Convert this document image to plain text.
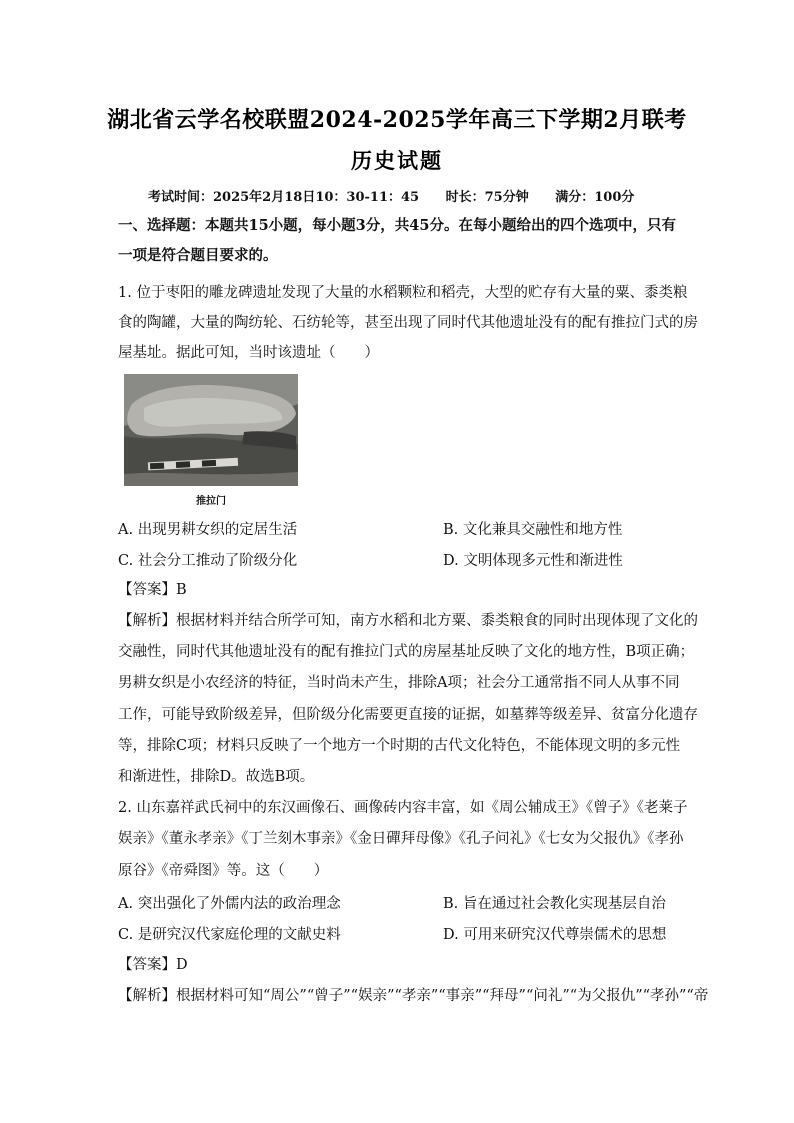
湖北省云学名校联盟2024-2025学年高三下学期2月联考
历史试题
考试时间：2025年2月18日10：30-11：45 时长：75分钟 满分：100分
一、选择题：本题共15小题，每小题3分，共45分。在每小题给出的四个选项中，只有
一项是符合题目要求的。
1. 位于枣阳的雕龙碑遗址发现了大量的水稻颗粒和稻壳，大型的贮存有大量的粟、黍类粮
食的陶罐，大量的陶纺轮、石纺轮等，甚至出现了同时代其他遗址没有的配有推拉门式的房
屋基址。据此可知，当时该遗址（　　）
推拉门
A. 出现男耕女织的定居生活	B. 文化兼具交融性和地方性
C. 社会分工推动了阶级分化	D. 文明体现多元性和渐进性
【答案】B
【解析】根据材料并结合所学可知，南方水稻和北方粟、黍类粮食的同时出现体现了文化的
交融性，同时代其他遗址没有的配有推拉门式的房屋基址反映了文化的地方性，B项正确；
男耕女织是小农经济的特征，当时尚未产生，排除A项；社会分工通常指不同人从事不同
工作，可能导致阶级差异，但阶级分化需要更直接的证据，如墓葬等级差异、贫富分化遗存
等，排除C项；材料只反映了一个地方一个时期的古代文化特色，不能体现文明的多元性
和渐进性，排除D。故选B项。
2. 山东嘉祥武氏祠中的东汉画像石、画像砖内容丰富，如《周公辅成王》《曾子》《老莱子
娱亲》《董永孝亲》《丁兰刻木事亲》《金日磾拜母像》《孔子问礼》《七女为父报仇》《孝孙
原谷》《帝舜图》等。这（　　）
A. 突出强化了外儒内法的政治理念	B. 旨在通过社会教化实现基层自治
C. 是研究汉代家庭伦理的文献史料	D. 可用来研究汉代尊崇儒术的思想
【答案】D
【解析】根据材料可知“周公”“曾子”“娱亲”“孝亲”“事亲”“拜母”“问礼”“为父报仇”“孝孙”“帝
